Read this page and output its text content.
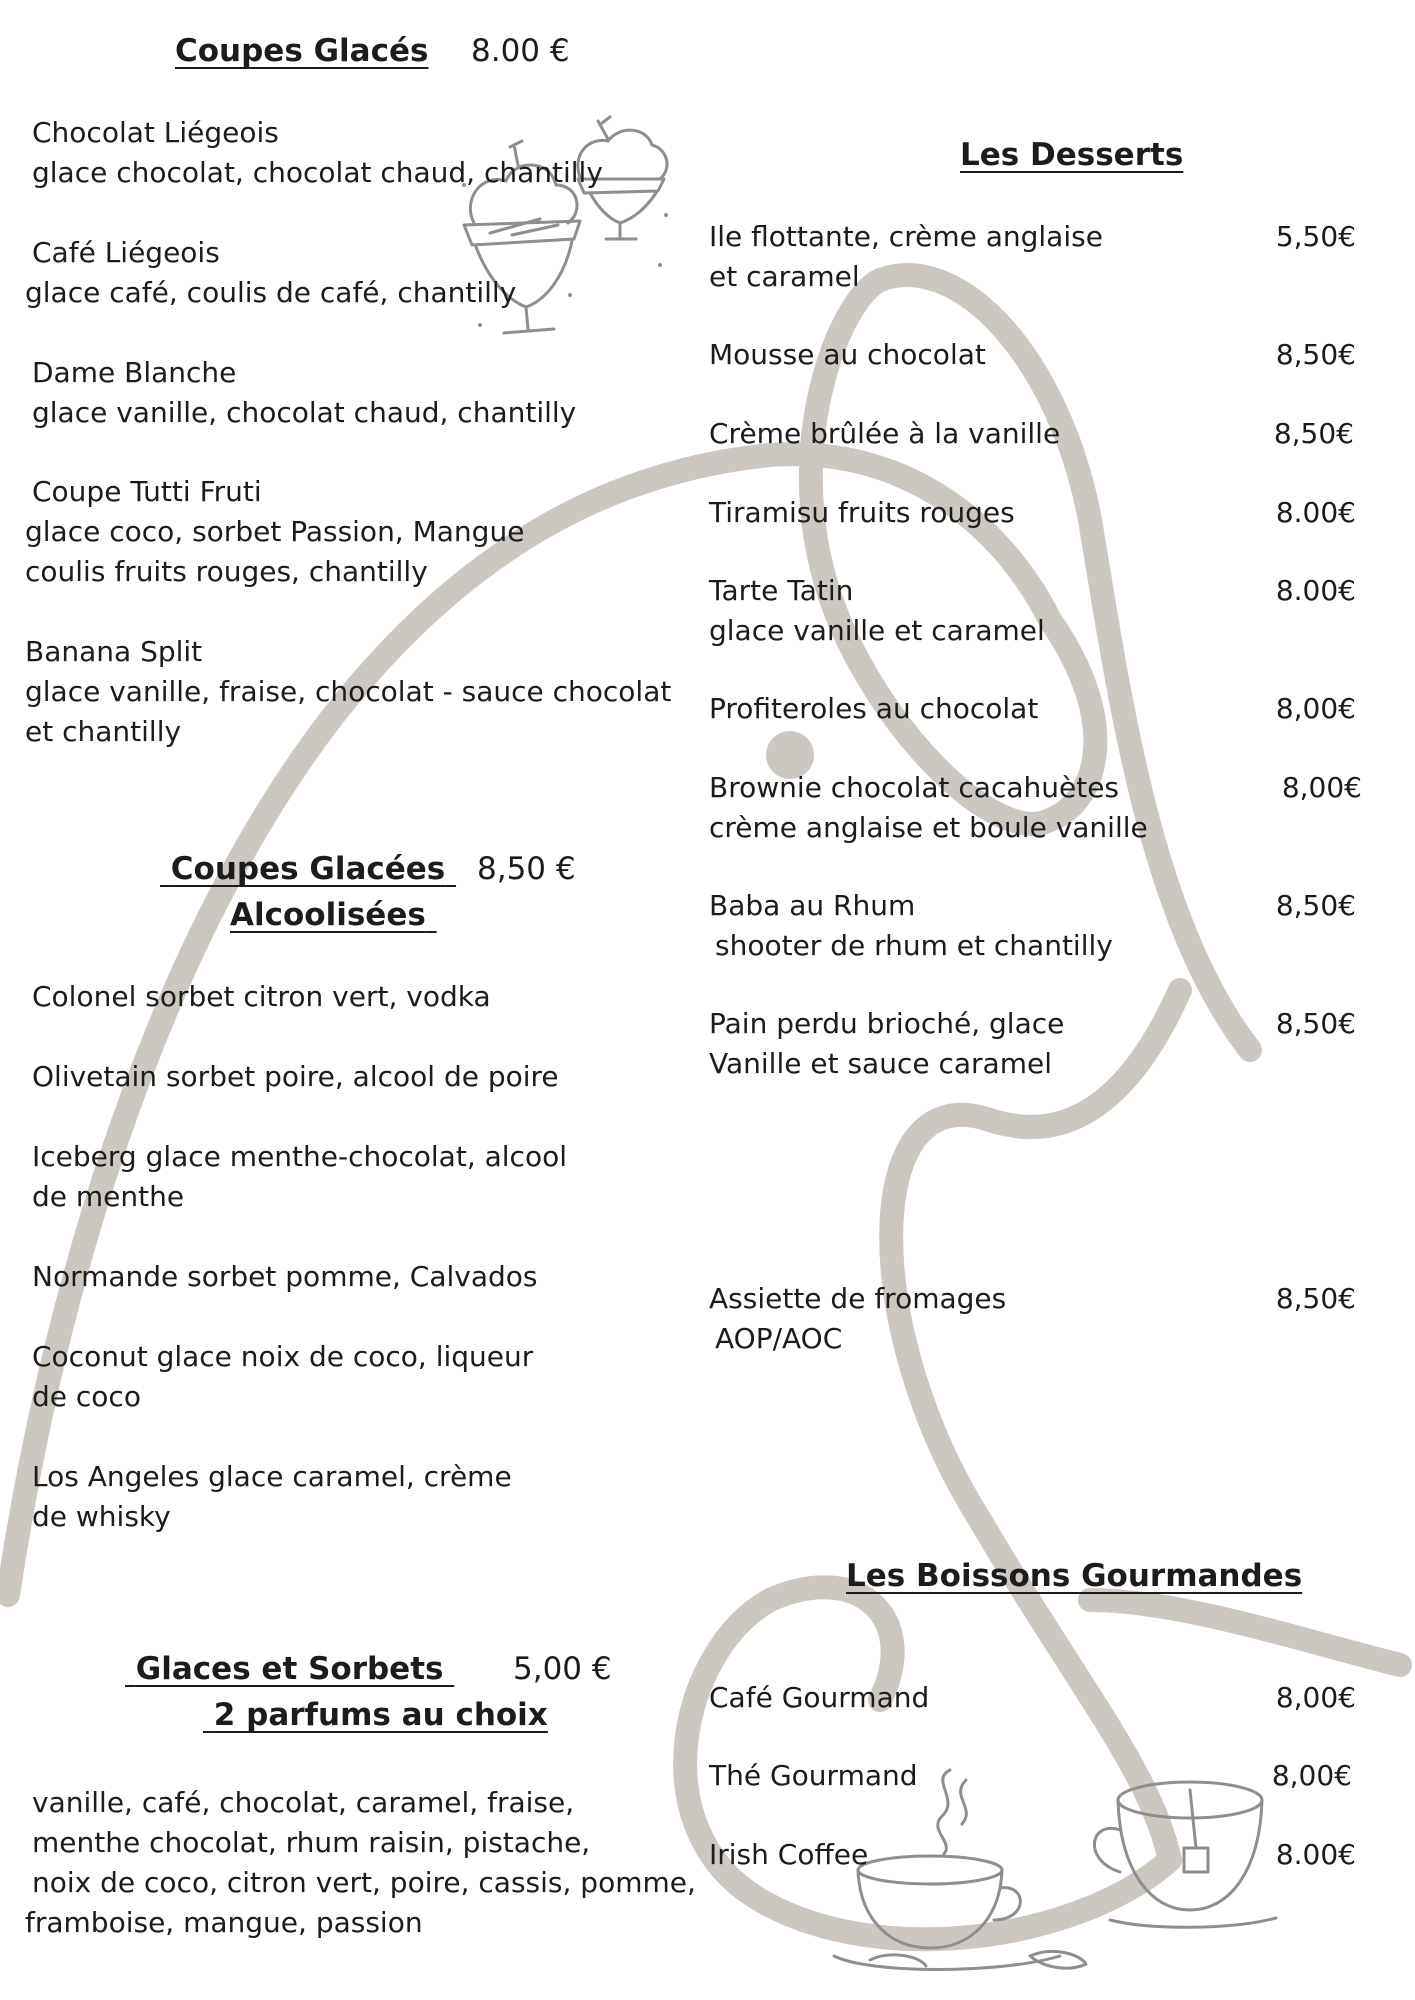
Coupes Glacés 8.00 €
Chocolat Liégeois
glace chocolat, chocolat chaud, chantilly
Café Liégeois
glace café, coulis de café, chantilly
Dame Blanche
glace vanille, chocolat chaud, chantilly
Coupe Tutti Fruti
glace coco, sorbet Passion, Mangue
coulis fruits rouges, chantilly
Banana Split
glace vanille, fraise, chocolat - sauce chocolat
et chantilly
Coupes Glacées
Alcoolisées
8,50 €
Colonel sorbet citron vert, vodka
Olivetain sorbet poire, alcool de poire
Iceberg glace menthe-chocolat, alcool
de menthe
Normande sorbet pomme, Calvados
Coconut glace noix de coco, liqueur
de coco
Los Angeles glace caramel, crème
de whisky
Glaces et Sorbets
2 parfums au choix
5,00 €
vanille, café, chocolat, caramel, fraise,
menthe chocolat, rhum raisin, pistache,
noix de coco, citron vert, poire, cassis, pomme,
framboise, mangue, passion
Les Desserts
Ile flottante, crème anglaise
et caramel
5,50€
Mousse au chocolat	8,50€
Crème brûlée à la vanille	8,50€
Tiramisu fruits rouges	8.00€
Tarte Tatin
glace vanille et caramel
8.00€
Profiteroles au chocolat	8,00€
Brownie chocolat cacahuètes
crème anglaise et boule vanille
8,00€
Baba au Rhum
shooter de rhum et chantilly
8,50€
Pain perdu brioché, glace
Vanille et sauce caramel
8,50€
Assiette de fromages
AOP/AOC
8,50€
Les Boissons Gourmandes
Café Gourmand	8,00€
Thé Gourmand	8,00€
Irish Coffee	8.00€
